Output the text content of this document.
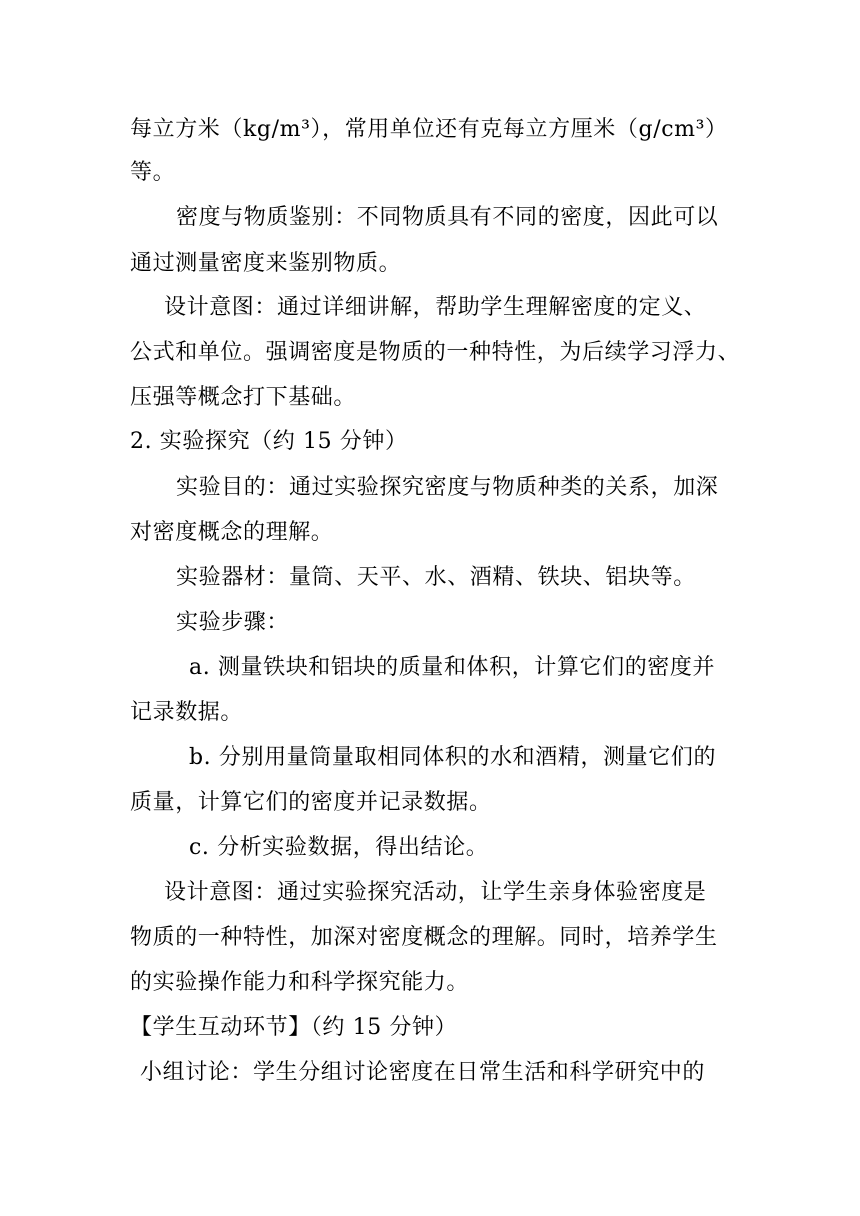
每立方米（kg/m³），常用单位还有克每立方厘米（g/cm³）
等。
密度与物质鉴别：不同物质具有不同的密度，因此可以
通过测量密度来鉴别物质。
设计意图：通过详细讲解，帮助学生理解密度的定义、
公式和单位。强调密度是物质的一种特性，为后续学习浮力、
压强等概念打下基础。
2. 实验探究（约 15 分钟）
实验目的：通过实验探究密度与物质种类的关系，加深
对密度概念的理解。
实验器材：量筒、天平、水、酒精、铁块、铝块等。
实验步骤：
a. 测量铁块和铝块的质量和体积，计算它们的密度并
记录数据。
b. 分别用量筒量取相同体积的水和酒精，测量它们的
质量，计算它们的密度并记录数据。
c. 分析实验数据，得出结论。
设计意图：通过实验探究活动，让学生亲身体验密度是
物质的一种特性，加深对密度概念的理解。同时，培养学生
的实验操作能力和科学探究能力。
【学生互动环节】（约 15 分钟）
小组讨论：学生分组讨论密度在日常生活和科学研究中的
